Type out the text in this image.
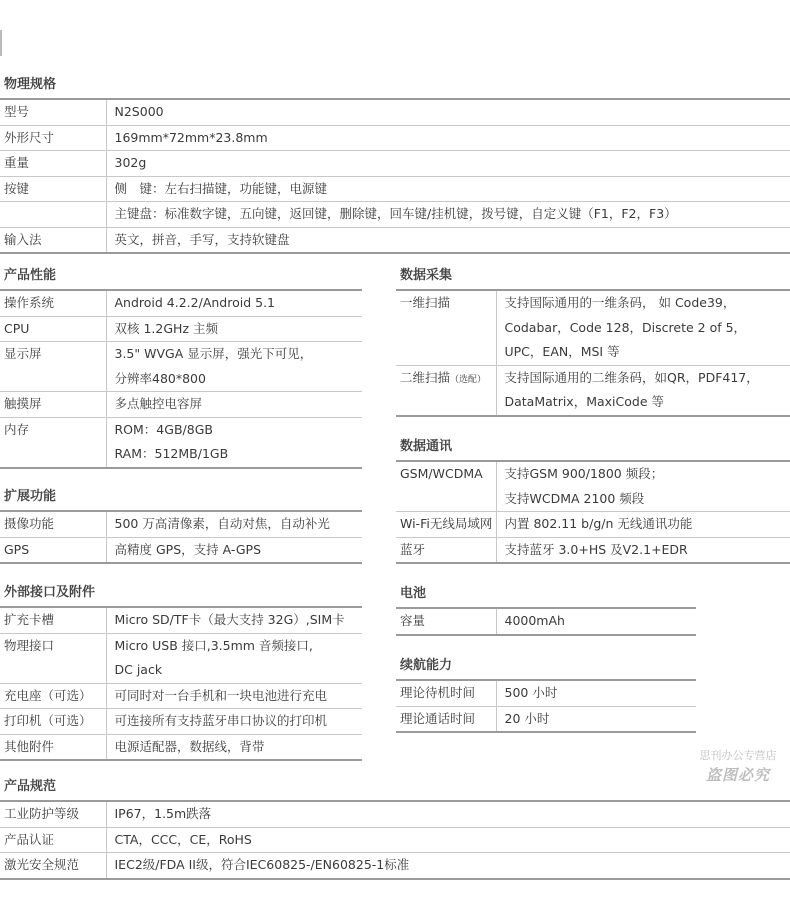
物理规格
型号	N2S000

外形尺寸	169mm*72mm*23.8mm

重量	302g

按键	侧　键：左右扫描键，功能键，电源键

	主键盘：标准数字键，五向键，返回键，删除键，回车键/挂机键，拨号键，自定义键（F1，F2，F3）

输入法	英文，拼音，手写，支持软键盘
产品性能
操作系统	Android 4.2.2/Android 5.1

CPU	双核 1.2GHz 主频

显示屏	3.5" WVGA 显示屏，强光下可见，
分辨率480*800

触摸屏	多点触控电容屏

内存	ROM：4GB/8GB
RAM：512MB/1GB
扩展功能
摄像功能	500 万高清像素，自动对焦，自动补光

GPS	高精度 GPS，支持 A-GPS
外部接口及附件
扩充卡槽	Micro SD/TF卡（最大支持 32G）,SIM卡

物理接口	Micro USB 接口,3.5mm 音频接口,
DC jack

充电座（可选）	可同时对一台手机和一块电池进行充电

打印机（可选）	可连接所有支持蓝牙串口协议的打印机

其他附件	电源适配器，数据线，背带
数据采集
一维扫描	支持国际通用的一维条码， 如 Code39，
Codabar，Code 128，Discrete 2 of 5，
UPC，EAN，MSI 等

二维扫描（选配）	支持国际通用的二维条码，如QR，PDF417，
DataMatrix，MaxiCode 等
数据通讯
GSM/WCDMA	支持GSM 900/1800 频段；
支持WCDMA 2100 频段

Wi-Fi无线局域网	内置 802.11 b/g/n 无线通讯功能

蓝牙	支持蓝牙 3.0+HS 及V2.1+EDR
电池
容量	4000mAh
续航能力
理论待机时间	500 小时

理论通话时间	20 小时
产品规范
工业防护等级	IP67，1.5m跌落

产品认证	CTA，CCC，CE，RoHS

激光安全规范	IEC2级/FDA II级，符合IEC60825-/EN60825-1标准
思刊办公专营店
盗图必究
